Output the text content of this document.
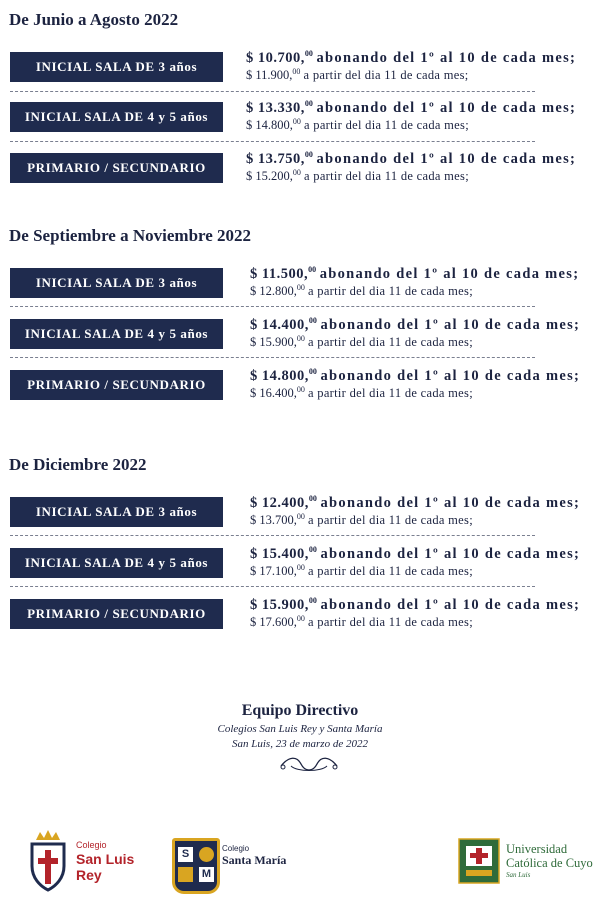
De Junio a Agosto 2022
INICIAL SALA DE 3 años
$ 10.700,00 abonando del 1º al 10 de cada mes;
$ 11.900,00 a partir del dia 11 de cada mes;
INICIAL SALA DE 4 y 5 años
$ 13.330,00 abonando del 1º al 10 de cada mes;
$ 14.800,00 a partir del dia 11 de cada mes;
PRIMARIO / SECUNDARIO
$ 13.750,00 abonando del 1º al 10 de cada mes;
$ 15.200,00 a partir del dia 11 de cada mes;
De Septiembre a Noviembre 2022
INICIAL SALA DE 3 años
$ 11.500,00 abonando del 1º al 10 de cada mes;
$ 12.800,00 a partir del dia 11 de cada mes;
INICIAL SALA DE 4 y 5 años
$ 14.400,00 abonando del 1º al 10 de cada mes;
$ 15.900,00 a partir del dia 11 de cada mes;
PRIMARIO / SECUNDARIO
$ 14.800,00 abonando del 1º al 10 de cada mes;
$ 16.400,00 a partir del dia 11 de cada mes;
De Diciembre 2022
INICIAL SALA DE 3 años
$ 12.400,00 abonando del 1º al 10 de cada mes;
$ 13.700,00 a partir del dia 11 de cada mes;
INICIAL SALA DE 4 y 5 años
$ 15.400,00 abonando del 1º al 10 de cada mes;
$ 17.100,00 a partir del dia 11 de cada mes;
PRIMARIO / SECUNDARIO
$ 15.900,00 abonando del 1º al 10 de cada mes;
$ 17.600,00 a partir del dia 11 de cada mes;

Equipo Directivo

Colegios San Luis Rey y Santa María

San Luis, 23 de marzo de 2022

Colegio
San Luis Rey
S
M
Colegio
Santa María
Universidad
Católica de Cuyo
San Luis
